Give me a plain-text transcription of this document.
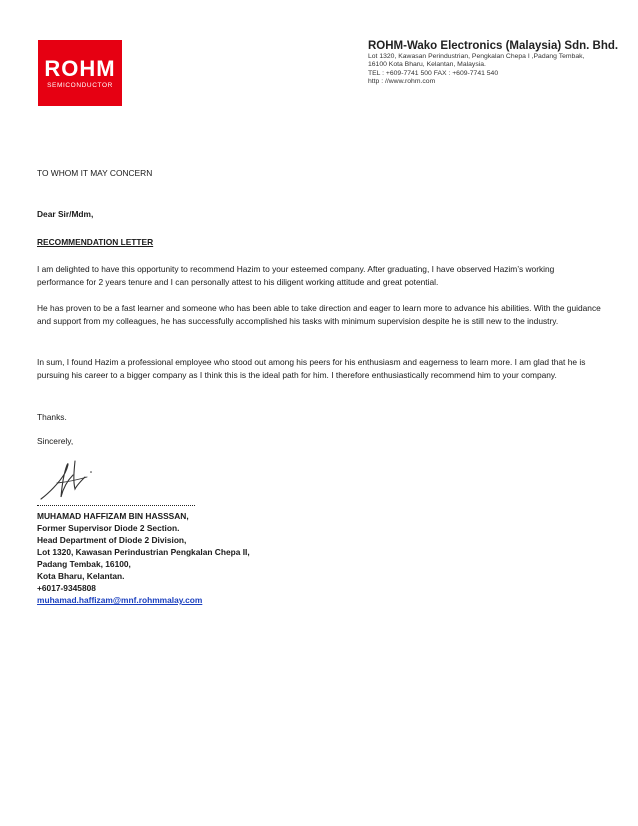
ROHM
SEMICONDUCTOR
ROHM-Wako Electronics (Malaysia) Sdn. Bhd.
Lot 1320, Kawasan Perindustrian, Pengkalan Chepa I ,Padang Tembak,
16100 Kota Bharu, Kelantan, Malaysia.
TEL : +609-7741 500 FAX : +609-7741 540
http : //www.rohm.com

TO WHOM IT MAY CONCERN

Dear Sir/Mdm,

RECOMMENDATION LETTER

I am delighted to have this opportunity to recommend Hazim to your esteemed company. After graduating, I have observed Hazim’s working performance for 2 years tenure and I can personally attest to his diligent working attitude and great potential.

He has proven to be a fast learner and someone who has been able to take direction and eager to learn more to advance his abilities. With the guidance and support from my colleagues, he has successfully accomplished his tasks with minimum supervision despite he is still new to the industry.

In sum, I found Hazim a professional employee who stood out among his peers for his enthusiasm and eagerness to learn more. I am glad that he is pursuing his career to a bigger company as I think this is the ideal path for him. I therefore enthusiastically recommend him to your company.

Thanks.

Sincerely,

MUHAMAD HAFFIZAM BIN HASSSAN,
Former Supervisor Diode 2 Section.
Head Department of Diode 2 Division,
Lot 1320, Kawasan Perindustrian Pengkalan Chepa II,
Padang Tembak, 16100,
Kota Bharu, Kelantan.
+6017-9345808
muhamad.haffizam@mnf.rohmmalay.com
